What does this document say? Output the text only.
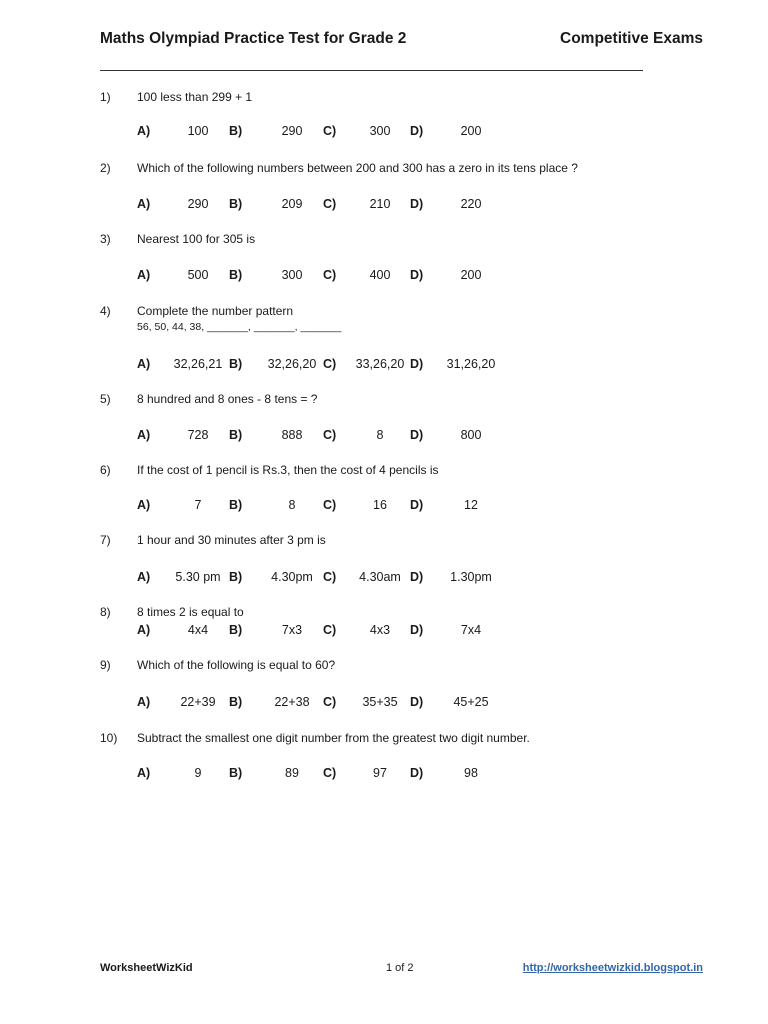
Maths Olympiad Practice Test for Grade 2	Competitive Exams
1) 100 less than 299 + 1
A)	100	B)	290	C)	300	D)	200
2) Which of the following numbers between 200 and 300 has a zero in its tens place ?
A)	290	B)	209	C)	210	D)	220
3) Nearest 100 for 305 is
A)	500	B)	300	C)	400	D)	200
4) Complete the number pattern
56, 50, 44, 38, _______, _______, _______
A)	32,26,21 B)	32,26,20 C)	33,26,20 D)	31,26,20
5) 8 hundred and 8 ones - 8 tens = ?
A)	728	B)	888	C)	8	D)	800
6) If the cost of 1 pencil is Rs.3, then the cost of 4 pencils is
A)	7	B)	8	C)	16	D)	12
7) 1 hour and 30 minutes after 3 pm is
A)	5.30 pm B)	4.30pm C)	4.30am D)	1.30pm
8) 8 times 2 is equal to
A)	4x4	B)	7x3	C)	4x3	D)	7x4
9) Which of the following is equal to 60?
A)	22+39	B)	22+38	C)	35+35 D)	45+25
10) Subtract the smallest one digit number from the greatest two digit number.
A)	9	B)	89	C)	97	D)	98
WorksheetWizKid	1 of 2	http://worksheetwizkid.blogspot.in
